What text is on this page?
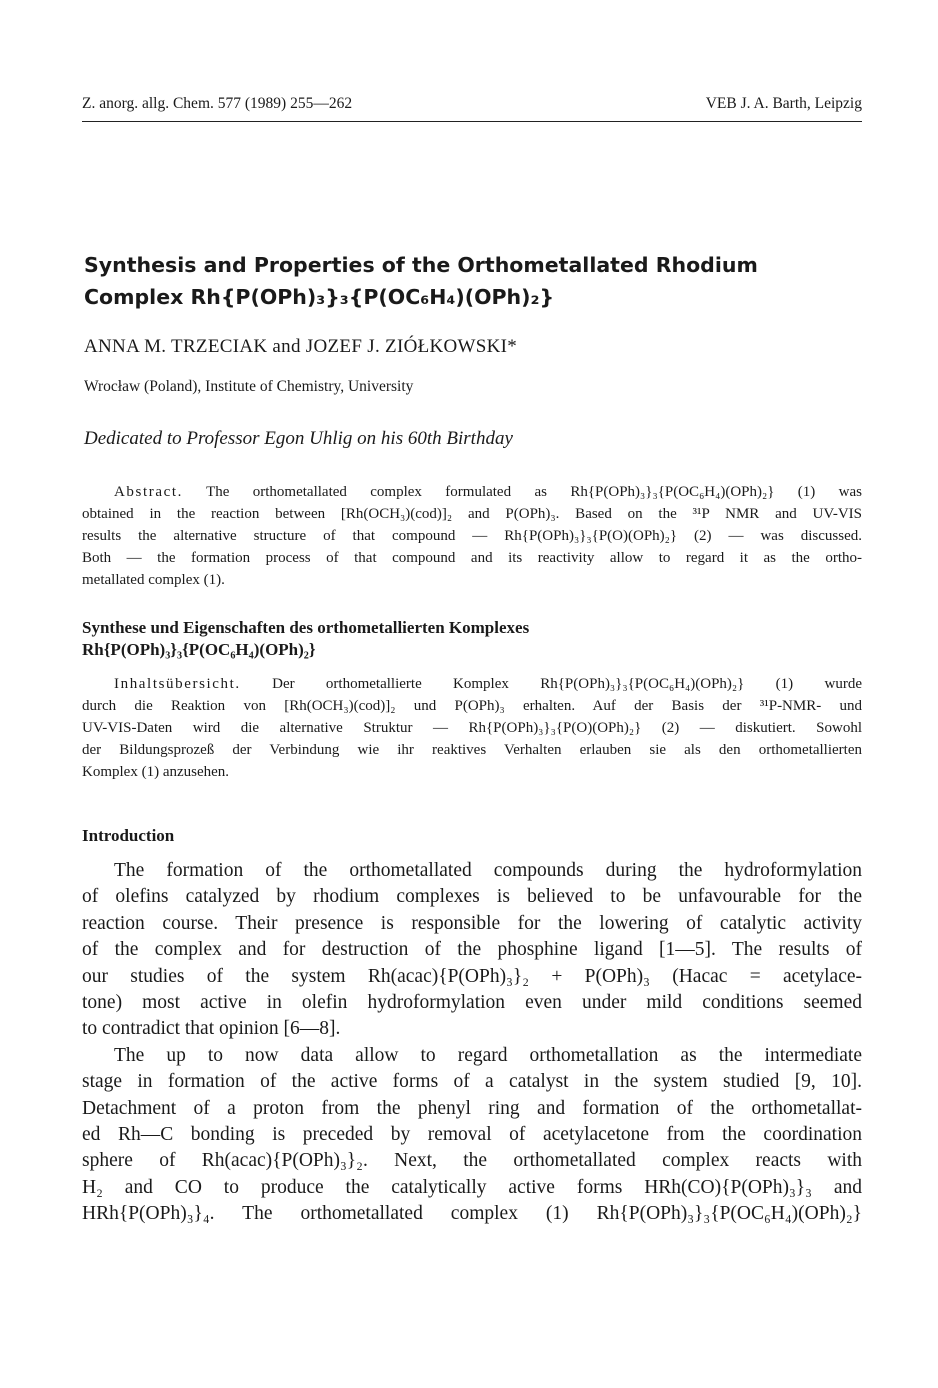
Z. anorg. allg. Chem. 577 (1989) 255—262	VEB J. A. Barth, Leipzig
Synthesis and Properties of the Orthometallated Rhodium
Complex Rh{P(OPh)₃}₃{P(OC₆H₄)(OPh)₂}
ANNA M. TRZECIAK and JOZEF J. ZIÓŁKOWSKI*
Wrocław (Poland), Institute of Chemistry, University
Dedicated to Professor Egon Uhlig on his 60th Birthday
Abstract. The orthometallated complex formulated as Rh{P(OPh)₃}₃{P(OC₆H₄)(OPh)₂} (1) was
obtained in the reaction between [Rh(OCH₃)(cod)]₂ and P(OPh)₃. Based on the ³¹P NMR and UV-VIS
results the alternative structure of that compound — Rh{P(OPh)₃}₃{P(O)(OPh)₂} (2) — was discussed.
Both — the formation process of that compound and its reactivity allow to regard it as the ortho-
metallated complex (1).
Synthese und Eigenschaften des orthometallierten Komplexes
Rh{P(OPh)₃}₃{P(OC₆H₄)(OPh)₂}
Inhaltsübersicht. Der orthometallierte Komplex Rh{P(OPh)₃}₃{P(OC₆H₄)(OPh)₂} (1) wurde
durch die Reaktion von [Rh(OCH₃)(cod)]₂ und P(OPh)₃ erhalten. Auf der Basis der ³¹P-NMR- und
UV-VIS-Daten wird die alternative Struktur — Rh{P(OPh)₃}₃{P(O)(OPh)₂} (2) — diskutiert. Sowohl
der Bildungsprozeß der Verbindung wie ihr reaktives Verhalten erlauben sie als den orthometallierten
Komplex (1) anzusehen.
Introduction
The formation of the orthometallated compounds during the hydroformylation
of olefins catalyzed by rhodium complexes is believed to be unfavourable for the
reaction course. Their presence is responsible for the lowering of catalytic activity
of the complex and for destruction of the phosphine ligand [1—5]. The results of
our studies of the system Rh(acac){P(OPh)₃}₂ + P(OPh)₃ (Hacac = acetylace-
tone) most active in olefin hydroformylation even under mild conditions seemed
to contradict that opinion [6—8].
The up to now data allow to regard orthometallation as the intermediate
stage in formation of the active forms of a catalyst in the system studied [9, 10].
Detachment of a proton from the phenyl ring and formation of the orthometallat-
ed Rh—C bonding is preceded by removal of acetylacetone from the coordination
sphere of Rh(acac){P(OPh)₃}₂. Next, the orthometallated complex reacts with
H₂ and CO to produce the catalytically active forms HRh(CO){P(OPh)₃}₃ and
HRh{P(OPh)₃}₄. The orthometallated complex (1) Rh{P(OPh)₃}₃{P(OC₆H₄)(OPh)₂}
